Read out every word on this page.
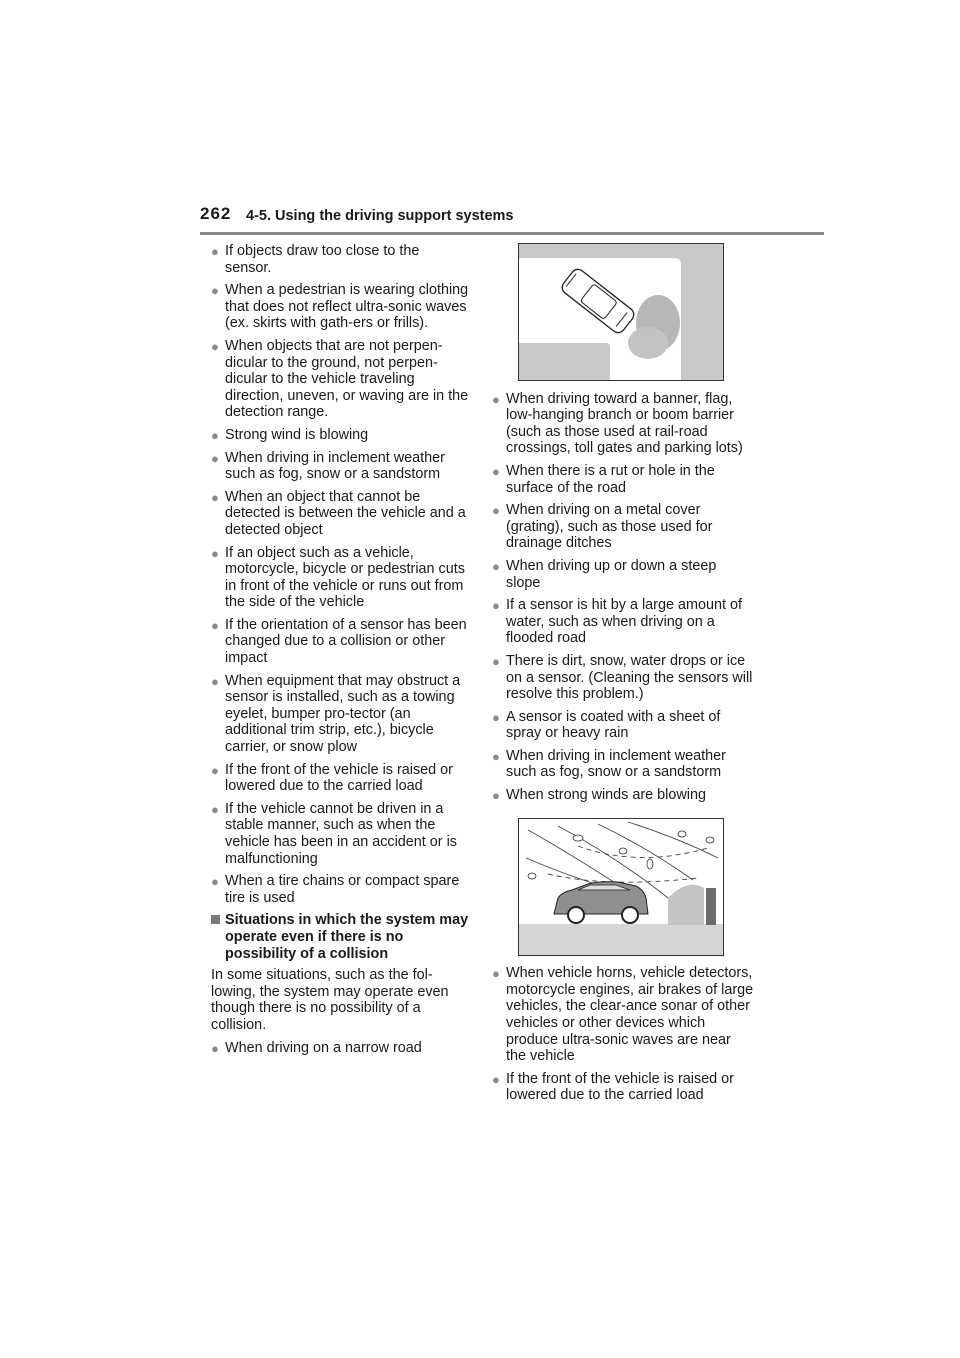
262 4-5. Using the driving support systems
● If objects draw too close to the sensor.
● When a pedestrian is wearing clothing that does not reflect ultra-sonic waves (ex. skirts with gath-ers or frills).
● When objects that are not perpen-dicular to the ground, not perpen-dicular to the vehicle traveling direction, uneven, or waving are in the detection range.
● Strong wind is blowing
● When driving in inclement weather such as fog, snow or a sandstorm
● When an object that cannot be detected is between the vehicle and a detected object
● If an object such as a vehicle, motorcycle, bicycle or pedestrian cuts in front of the vehicle or runs out from the side of the vehicle
● If the orientation of a sensor has been changed due to a collision or other impact
● When equipment that may obstruct a sensor is installed, such as a towing eyelet, bumper pro-tector (an additional trim strip, etc.), bicycle carrier, or snow plow
● If the front of the vehicle is raised or lowered due to the carried load
● If the vehicle cannot be driven in a stable manner, such as when the vehicle has been in an accident or is malfunctioning
● When a tire chains or compact spare tire is used
Situations in which the system may operate even if there is no possibility of a collision
In some situations, such as the fol-lowing, the system may operate even though there is no possibility of a collision.
● When driving on a narrow road
● When driving toward a banner, flag, low-hanging branch or boom barrier (such as those used at rail-road crossings, toll gates and parking lots)
● When there is a rut or hole in the surface of the road
● When driving on a metal cover (grating), such as those used for drainage ditches
● When driving up or down a steep slope
● If a sensor is hit by a large amount of water, such as when driving on a flooded road
● There is dirt, snow, water drops or ice on a sensor. (Cleaning the sensors will resolve this problem.)
● A sensor is coated with a sheet of spray or heavy rain
● When driving in inclement weather such as fog, snow or a sandstorm
● When strong winds are blowing
● When vehicle horns, vehicle detectors, motorcycle engines, air brakes of large vehicles, the clear-ance sonar of other vehicles or other devices which produce ultra-sonic waves are near the vehicle
● If the front of the vehicle is raised or lowered due to the carried load
